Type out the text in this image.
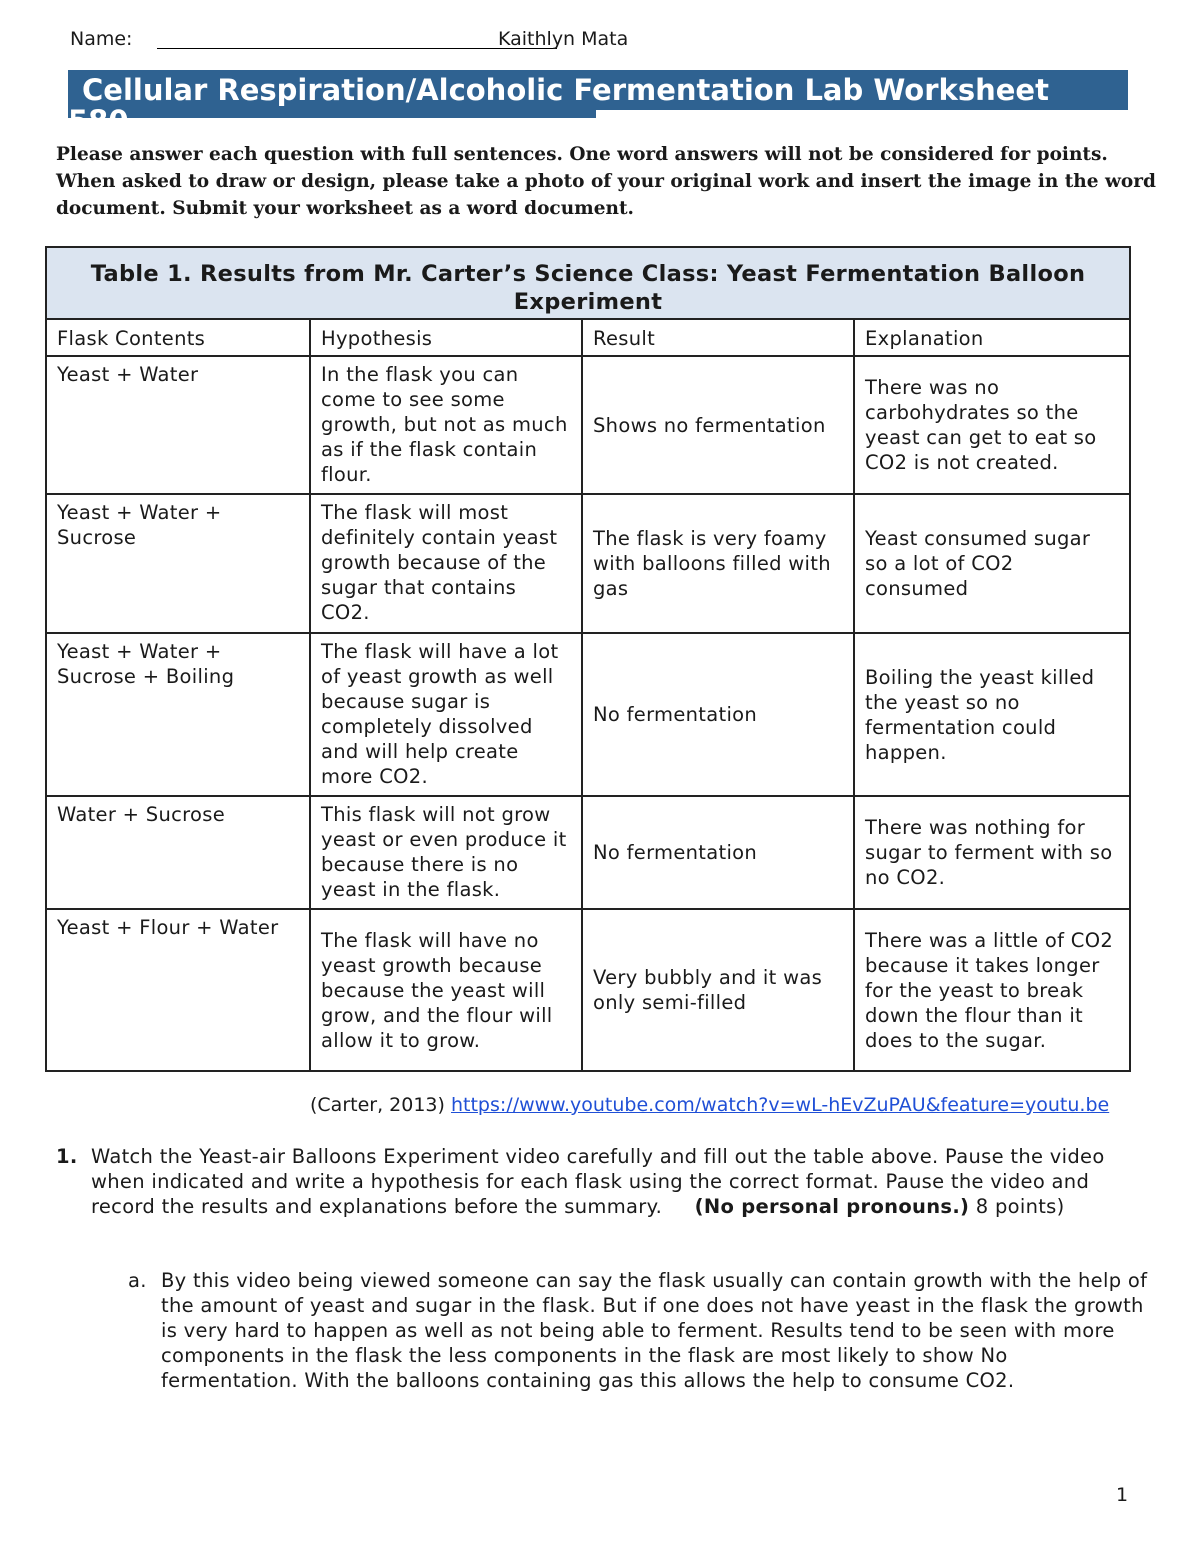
Name:	Kaithlyn Mata
Cellular Respiration/Alcoholic Fermentation Lab Worksheet
580
Please answer each question with full sentences. One word answers will not be considered for points. When asked to draw or design, please take a photo of your original work and insert the image in the word document. Submit your worksheet as a word document.
Table 1. Results from Mr. Carter’s Science Class: Yeast Fermentation Balloon Experiment			
Flask Contents	Hypothesis	Result	Explanation
Yeast + Water	In the flask you can come to see some growth, but not as much as if the flask contain flour.	Shows no fermentation	There was no carbohydrates so the yeast can get to eat so CO2 is not created.
Yeast + Water + Sucrose	The flask will most definitely contain yeast growth because of the sugar that contains CO2.	The flask is very foamy with balloons filled with gas	Yeast consumed sugar so a lot of CO2 consumed
Yeast + Water + Sucrose + Boiling	The flask will have a lot of yeast growth as well because sugar is completely dissolved and will help create more CO2.	No fermentation	Boiling the yeast killed the yeast so no fermentation could happen.
Water + Sucrose	This flask will not grow yeast or even produce it because there is no yeast in the flask.	No fermentation	There was nothing for sugar to ferment with so no CO2.
Yeast + Flour + Water	The flask will have no yeast growth because because the yeast will grow, and the flour will allow it to grow.	Very bubbly and it was only semi-filled	There was a little of CO2 because it takes longer for the yeast to break down the flour than it does to the sugar.
(Carter, 2013) https://www.youtube.com/watch?v=wL-hEvZuPAU&feature=youtu.be
1. Watch the Yeast-air Balloons Experiment video carefully and fill out the table above. Pause the video when indicated and write a hypothesis for each flask using the correct format. Pause the video and record the results and explanations before the summary. (No personal pronouns.) 8 points)
a. By this video being viewed someone can say the flask usually can contain growth with the help of the amount of yeast and sugar in the flask. But if one does not have yeast in the flask the growth is very hard to happen as well as not being able to ferment. Results tend to be seen with more components in the flask the less components in the flask are most likely to show No fermentation. With the balloons containing gas this allows the help to consume CO2.
1
